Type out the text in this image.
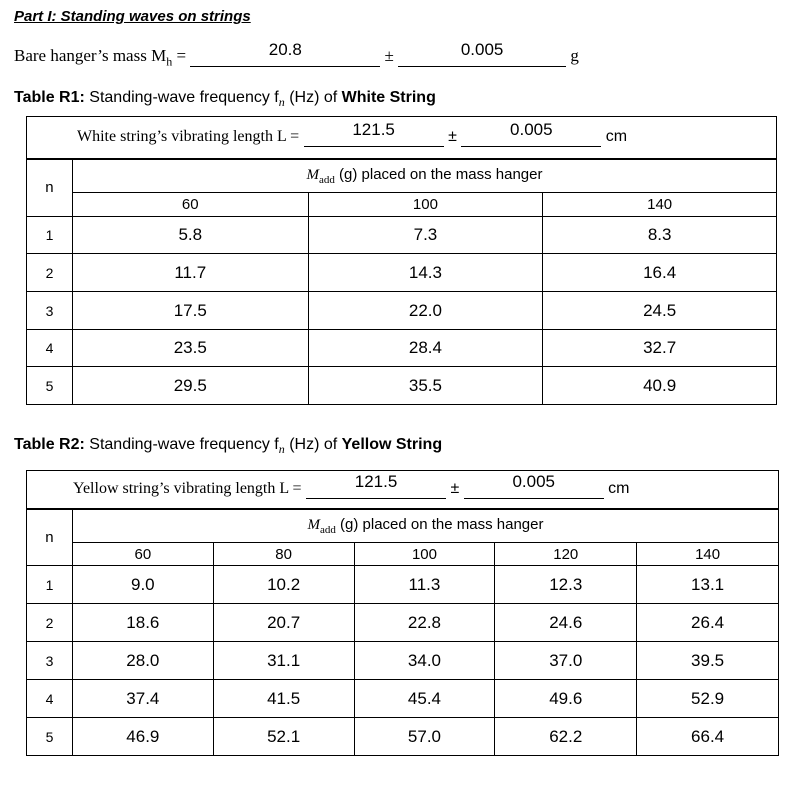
Part I: Standing waves on strings
Bare hanger’s mass $M_h$ =	20.8	±	0.005	g
Table R1: Standing-wave frequency $f_n$ (Hz) of White String
White string’s vibrating length L = 121.5 ± 0.005 cm			
n	$M_{add}$ (g) placed on the mass hanger		
	60	100	140
1	5.8	7.3	8.3
2	11.7	14.3	16.4
3	17.5	22.0	24.5
4	23.5	28.4	32.7
5	29.5	35.5	40.9
Table R2: Standing-wave frequency $f_n$ (Hz) of Yellow String
Yellow string’s vibrating length L = 121.5 ± 0.005 cm					
n	$M_{add}$ (g) placed on the mass hanger				
	60	80	100	120	140
1	9.0	10.2	11.3	12.3	13.1
2	18.6	20.7	22.8	24.6	26.4
3	28.0	31.1	34.0	37.0	39.5
4	37.4	41.5	45.4	49.6	52.9
5	46.9	52.1	57.0	62.2	66.4
